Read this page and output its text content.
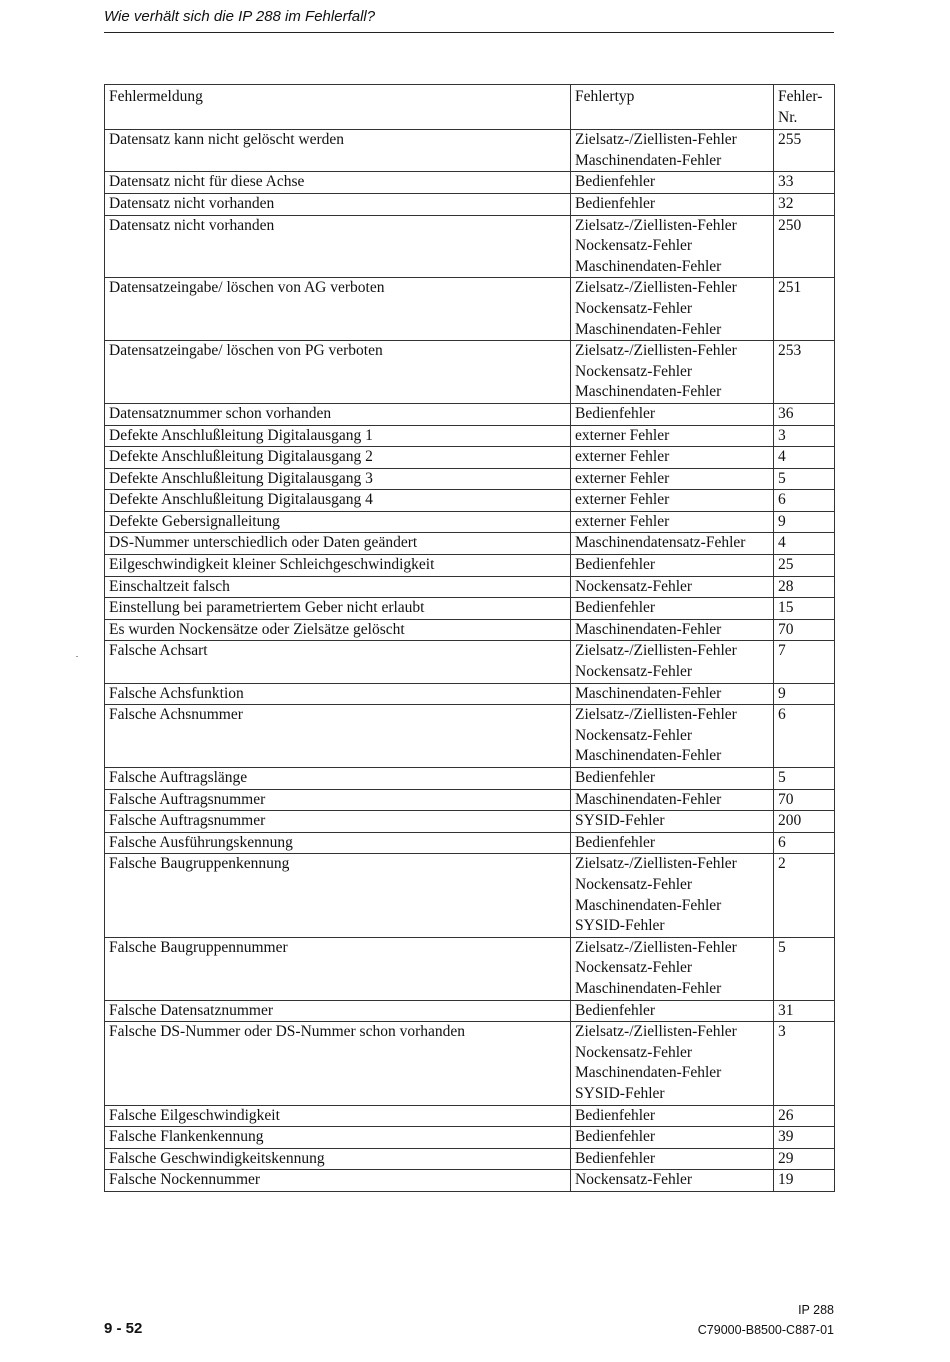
Wie verhält sich die IP 288 im Fehlerfall?
Fehlermeldung	Fehlertyp	Fehler-
Nr.

Datensatz kann nicht gelöscht werden	Zielsatz-/Ziellisten-Fehler
Maschinendaten-Fehler	255

Datensatz nicht für diese Achse	Bedienfehler	33

Datensatz nicht vorhanden	Bedienfehler	32

Datensatz nicht vorhanden	Zielsatz-/Ziellisten-Fehler
Nockensatz-Fehler
Maschinendaten-Fehler	250

Datensatzeingabe/ löschen von AG verboten	Zielsatz-/Ziellisten-Fehler
Nockensatz-Fehler
Maschinendaten-Fehler	251

Datensatzeingabe/ löschen von PG verboten	Zielsatz-/Ziellisten-Fehler
Nockensatz-Fehler
Maschinendaten-Fehler	253

Datensatznummer schon vorhanden	Bedienfehler	36

Defekte Anschlußleitung Digitalausgang 1	externer Fehler	3

Defekte Anschlußleitung Digitalausgang 2	externer Fehler	4

Defekte Anschlußleitung Digitalausgang 3	externer Fehler	5

Defekte Anschlußleitung Digitalausgang 4	externer Fehler	6

Defekte Gebersignalleitung	externer Fehler	9

DS-Nummer unterschiedlich oder Daten geändert	Maschinendatensatz-Fehler	4

Eilgeschwindigkeit kleiner Schleichgeschwindigkeit	Bedienfehler	25

Einschaltzeit falsch	Nockensatz-Fehler	28

Einstellung bei parametriertem Geber nicht erlaubt	Bedienfehler	15

Es wurden Nockensätze oder Zielsätze gelöscht	Maschinendaten-Fehler	70

Falsche Achsart	Zielsatz-/Ziellisten-Fehler
Nockensatz-Fehler	7

Falsche Achsfunktion	Maschinendaten-Fehler	9

Falsche Achsnummer	Zielsatz-/Ziellisten-Fehler
Nockensatz-Fehler
Maschinendaten-Fehler	6

Falsche Auftragslänge	Bedienfehler	5

Falsche Auftragsnummer	Maschinendaten-Fehler	70

Falsche Auftragsnummer	SYSID-Fehler	200

Falsche Ausführungskennung	Bedienfehler	6

Falsche Baugruppenkennung	Zielsatz-/Ziellisten-Fehler
Nockensatz-Fehler
Maschinendaten-Fehler
SYSID-Fehler	2

Falsche Baugruppennummer	Zielsatz-/Ziellisten-Fehler
Nockensatz-Fehler
Maschinendaten-Fehler	5

Falsche Datensatznummer	Bedienfehler	31

Falsche DS-Nummer oder DS-Nummer schon vorhanden	Zielsatz-/Ziellisten-Fehler
Nockensatz-Fehler
Maschinendaten-Fehler
SYSID-Fehler	3

Falsche Eilgeschwindigkeit	Bedienfehler	26

Falsche Flankenkennung	Bedienfehler	39

Falsche Geschwindigkeitskennung	Bedienfehler	29

Falsche Nockennummer	Nockensatz-Fehler	19
9 - 52
IP 288
C79000-B8500-C887-01
